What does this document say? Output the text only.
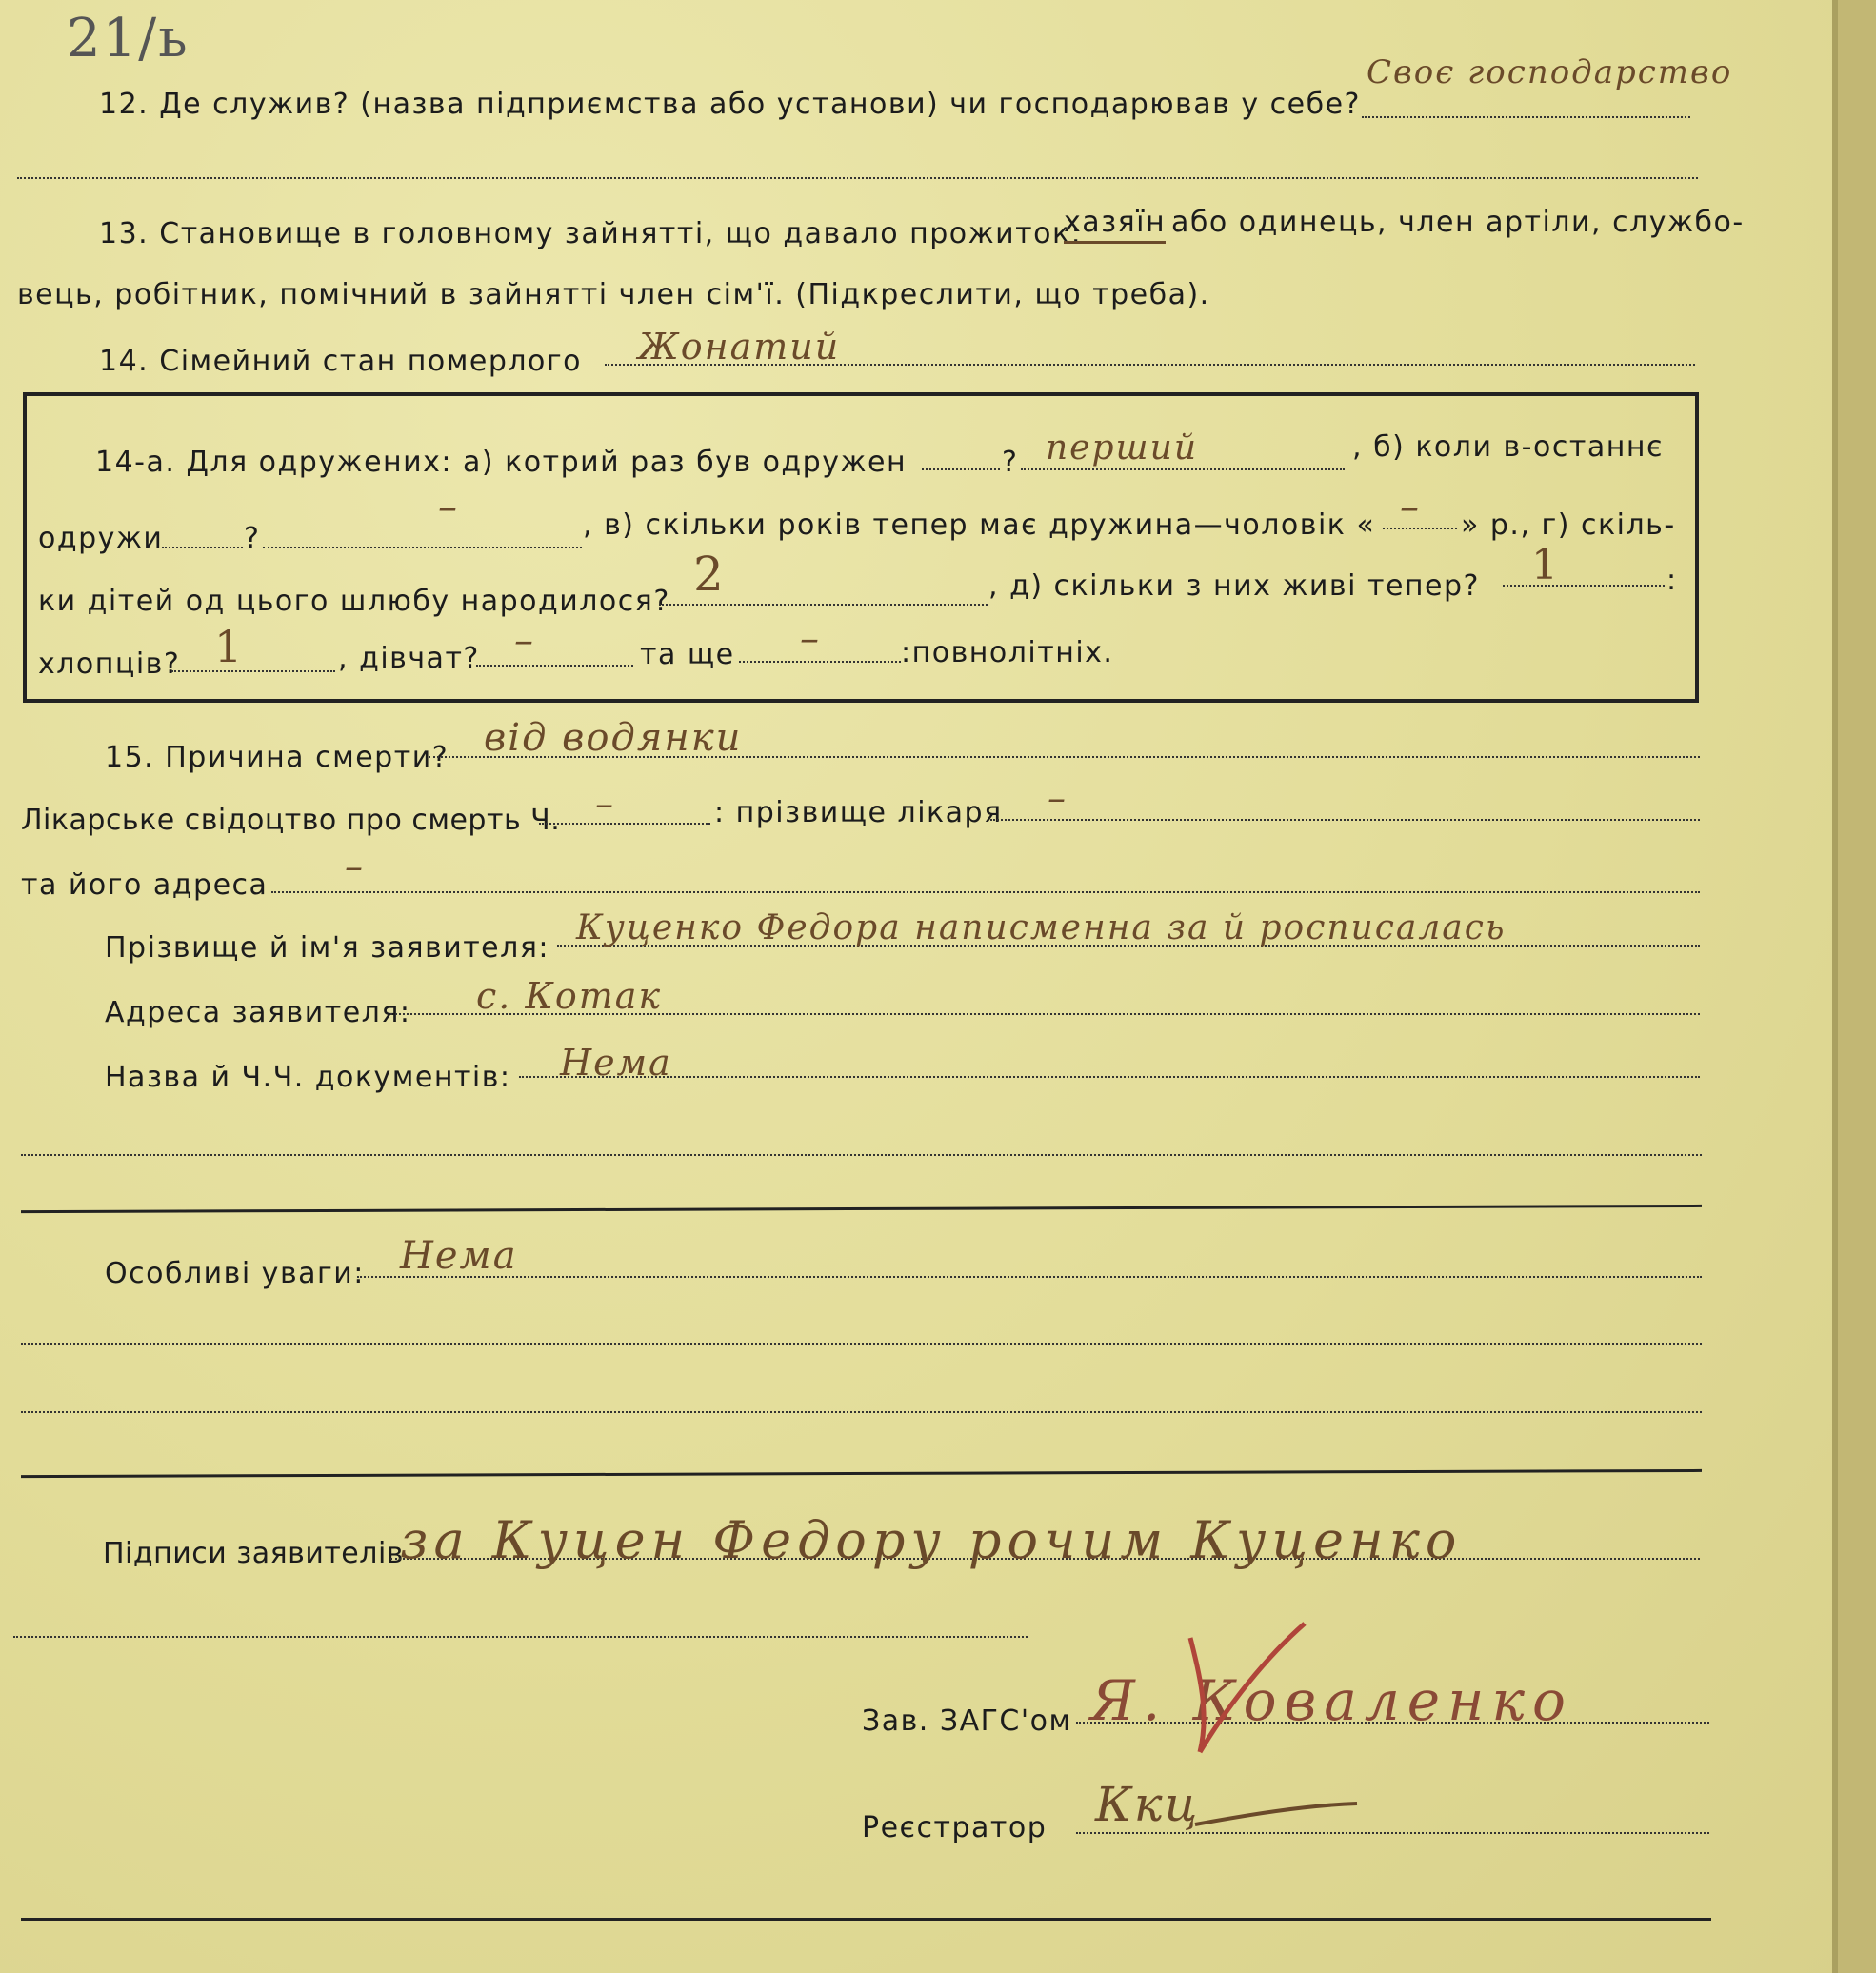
21/ь
12. Де служив? (назва підприємства або установи) чи господарював у себе?
Своє господарство
13. Становище в головному зайнятті, що давало прожиток:
хазяїн або одинець, член артіли, службо-
вець, робітник, помічний в зайнятті член сім'ї. (Підкреслити, що треба).
14. Сімейний стан померлого Жонатий
14-а. Для одружених: а) котрий раз був одружен	? перший	, б) коли в-останнє
одружи	?
–	, в) скільки років тепер має дружина—чоловік « – » р., г) скіль-
ки дітей од цього шлюбу народилося? 2	, д) скільки з них живі тепер? 1	:
хлопців? 1	, дівчат? –	та ще –	:повнолітніх.
15. Причина смерти? від водянки
Лікарське свідоцтво про смерть Ч. –	: прізвище лікаря –
та його адреса –
Прізвище й ім'я заявителя:
Куценко Федора написменна за й росписалась
Адреса заявителя: с. Котак
Назва й Ч.Ч. документів: Нема
Особливі уваги: Нема
Підписи заявителів
за Куцен Федору рочим Куценко
Зав. ЗАГС'ом Я. Коваленко
Реєстратор Ккц
